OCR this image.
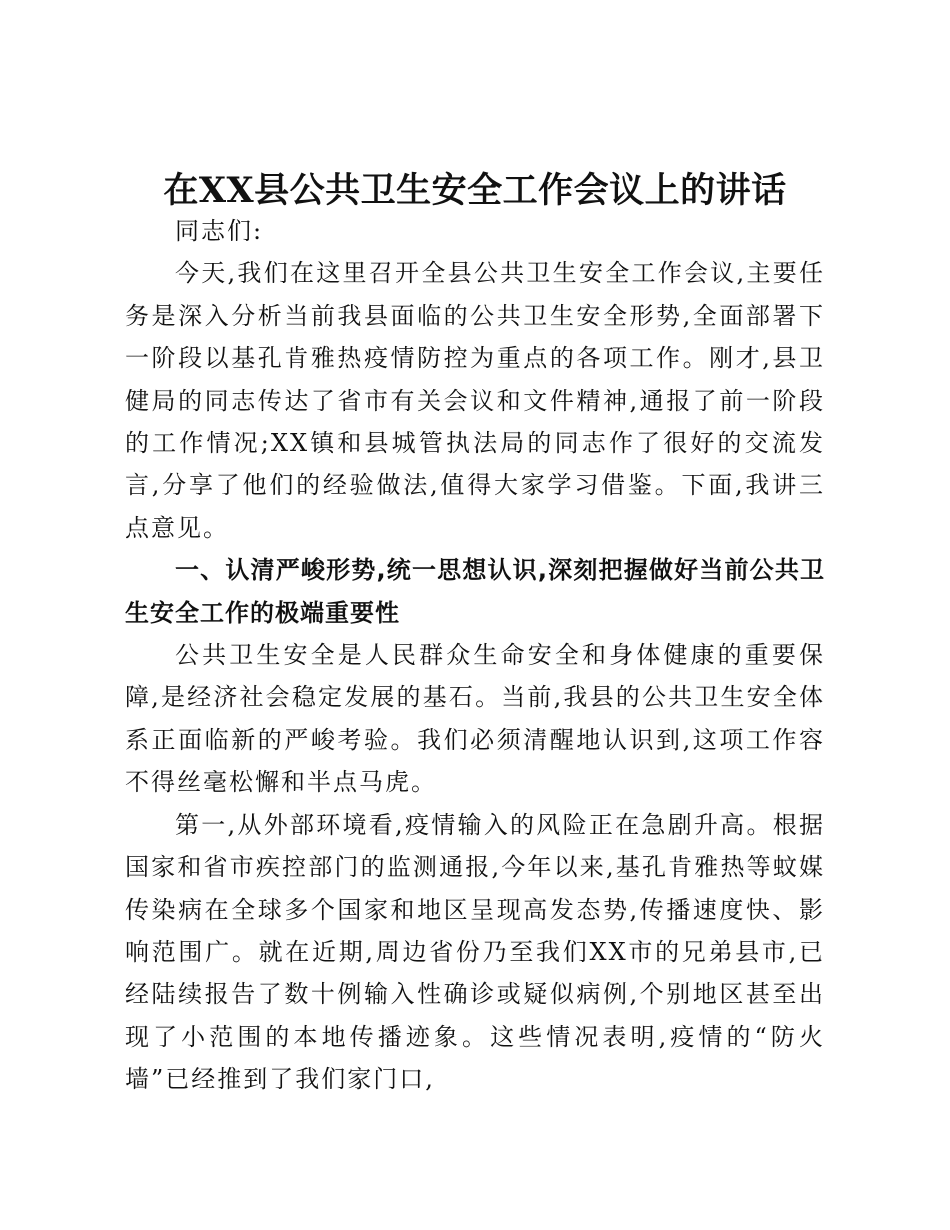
在XX县公共卫生安全工作会议上的讲话

同志们:

今天,我们在这里召开全县公共卫生安全工作会议,主要任务是深入分析当前我县面临的公共卫生安全形势,全面部署下一阶段以基孔肯雅热疫情防控为重点的各项工作。刚才,县卫健局的同志传达了省市有关会议和文件精神,通报了前一阶段的工作情况;XX镇和县城管执法局的同志作了很好的交流发言,分享了他们的经验做法,值得大家学习借鉴。下面,我讲三点意见。

一、认清严峻形势,统一思想认识,深刻把握做好当前公共卫生安全工作的极端重要性

公共卫生安全是人民群众生命安全和身体健康的重要保障,是经济社会稳定发展的基石。当前,我县的公共卫生安全体系正面临新的严峻考验。我们必须清醒地认识到,这项工作容不得丝毫松懈和半点马虎。

第一,从外部环境看,疫情输入的风险正在急剧升高。根据国家和省市疾控部门的监测通报,今年以来,基孔肯雅热等蚊媒传染病在全球多个国家和地区呈现高发态势,传播速度快、影响范围广。就在近期,周边省份乃至我们XX市的兄弟县市,已经陆续报告了数十例输入性确诊或疑似病例,个别地区甚至出现了小范围的本地传播迹象。这些情况表明,疫情的“防火墙”已经推到了我们家门口,
